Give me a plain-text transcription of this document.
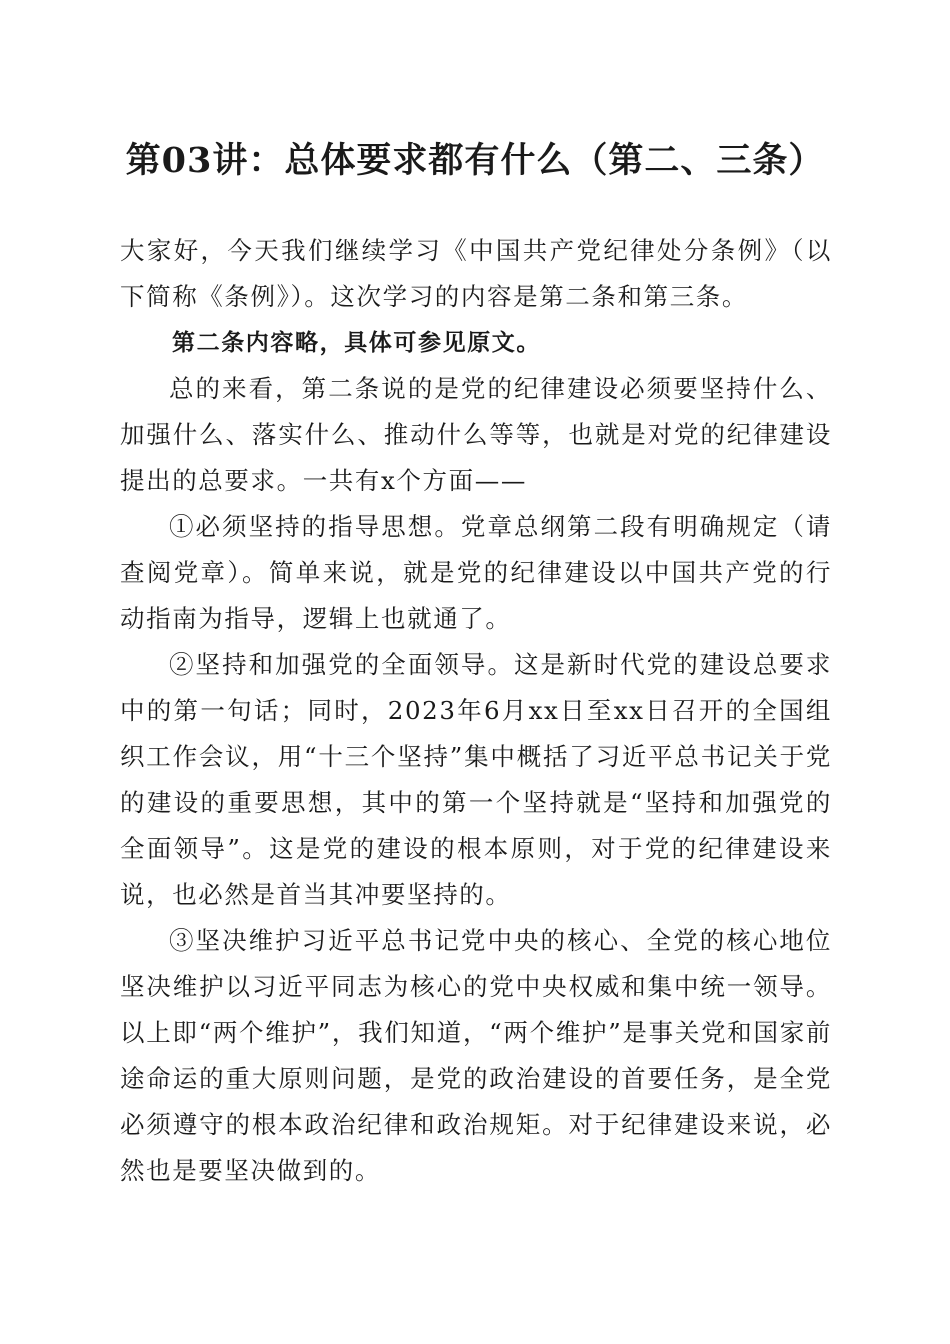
第03讲：总体要求都有什么（第二、三条）

大家好，今天我们继续学习《中国共产党纪律处分条例》（以下简称《条例》）。这次学习的内容是第二条和第三条。

第二条内容略，具体可参见原文。

总的来看，第二条说的是党的纪律建设必须要坚持什么、加强什么、落实什么、推动什么等等，也就是对党的纪律建设提出的总要求。一共有x个方面——

①必须坚持的指导思想。党章总纲第二段有明确规定（请查阅党章）。简单来说，就是党的纪律建设以中国共产党的行动指南为指导，逻辑上也就通了。

②坚持和加强党的全面领导。这是新时代党的建设总要求中的第一句话；同时，2023年6月xx日至xx日召开的全国组织工作会议，用“十三个坚持”集中概括了习近平总书记关于党的建设的重要思想，其中的第一个坚持就是“坚持和加强党的全面领导”。这是党的建设的根本原则，对于党的纪律建设来说，也必然是首当其冲要坚持的。

③坚决维护习近平总书记党中央的核心、全党的核心地位坚决维护以习近平同志为核心的党中央权威和集中统一领导。以上即“两个维护”，我们知道，“两个维护”是事关党和国家前途命运的重大原则问题，是党的政治建设的首要任务，是全党必须遵守的根本政治纪律和政治规矩。对于纪律建设来说，必然也是要坚决做到的。
